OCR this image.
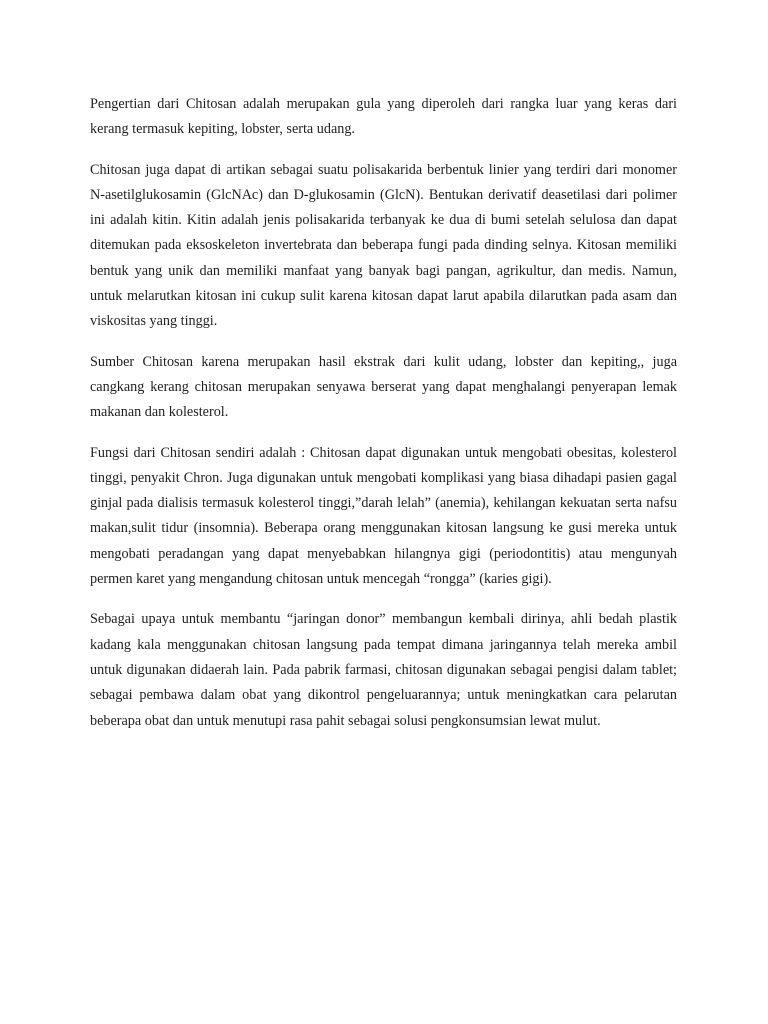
Pengertian dari Chitosan adalah merupakan gula yang diperoleh dari rangka luar yang keras dari kerang termasuk kepiting, lobster, serta udang.

Chitosan juga dapat di artikan sebagai suatu polisakarida berbentuk linier yang terdiri dari monomer N-asetilglukosamin (GlcNAc) dan D-glukosamin (GlcN). Bentukan derivatif deasetilasi dari polimer ini adalah kitin. Kitin adalah jenis polisakarida terbanyak ke dua di bumi setelah selulosa dan dapat ditemukan pada eksoskeleton invertebrata dan beberapa fungi pada dinding selnya. Kitosan memiliki bentuk yang unik dan memiliki manfaat yang banyak bagi pangan, agrikultur, dan medis. Namun, untuk melarutkan kitosan ini cukup sulit karena kitosan dapat larut apabila dilarutkan pada asam dan viskositas yang tinggi.

Sumber Chitosan karena merupakan hasil ekstrak dari kulit udang, lobster dan kepiting,, juga cangkang kerang chitosan merupakan senyawa berserat yang dapat menghalangi penyerapan lemak makanan dan kolesterol.

Fungsi dari Chitosan sendiri adalah : Chitosan dapat digunakan untuk mengobati obesitas, kolesterol tinggi, penyakit Chron. Juga digunakan untuk mengobati komplikasi yang biasa dihadapi pasien gagal ginjal pada dialisis termasuk kolesterol tinggi,”darah lelah” (anemia), kehilangan kekuatan serta nafsu makan,sulit tidur (insomnia). Beberapa orang menggunakan kitosan langsung ke gusi mereka untuk mengobati peradangan yang dapat menyebabkan hilangnya gigi (periodontitis) atau mengunyah permen karet yang mengandung chitosan untuk mencegah “rongga” (karies gigi).

Sebagai upaya untuk membantu “jaringan donor” membangun kembali dirinya, ahli bedah plastik kadang kala menggunakan chitosan langsung pada tempat dimana jaringannya telah mereka ambil untuk digunakan didaerah lain. Pada pabrik farmasi, chitosan digunakan sebagai pengisi dalam tablet; sebagai pembawa dalam obat yang dikontrol pengeluarannya; untuk meningkatkan cara pelarutan beberapa obat dan untuk menutupi rasa pahit sebagai solusi pengkonsumsian lewat mulut.
